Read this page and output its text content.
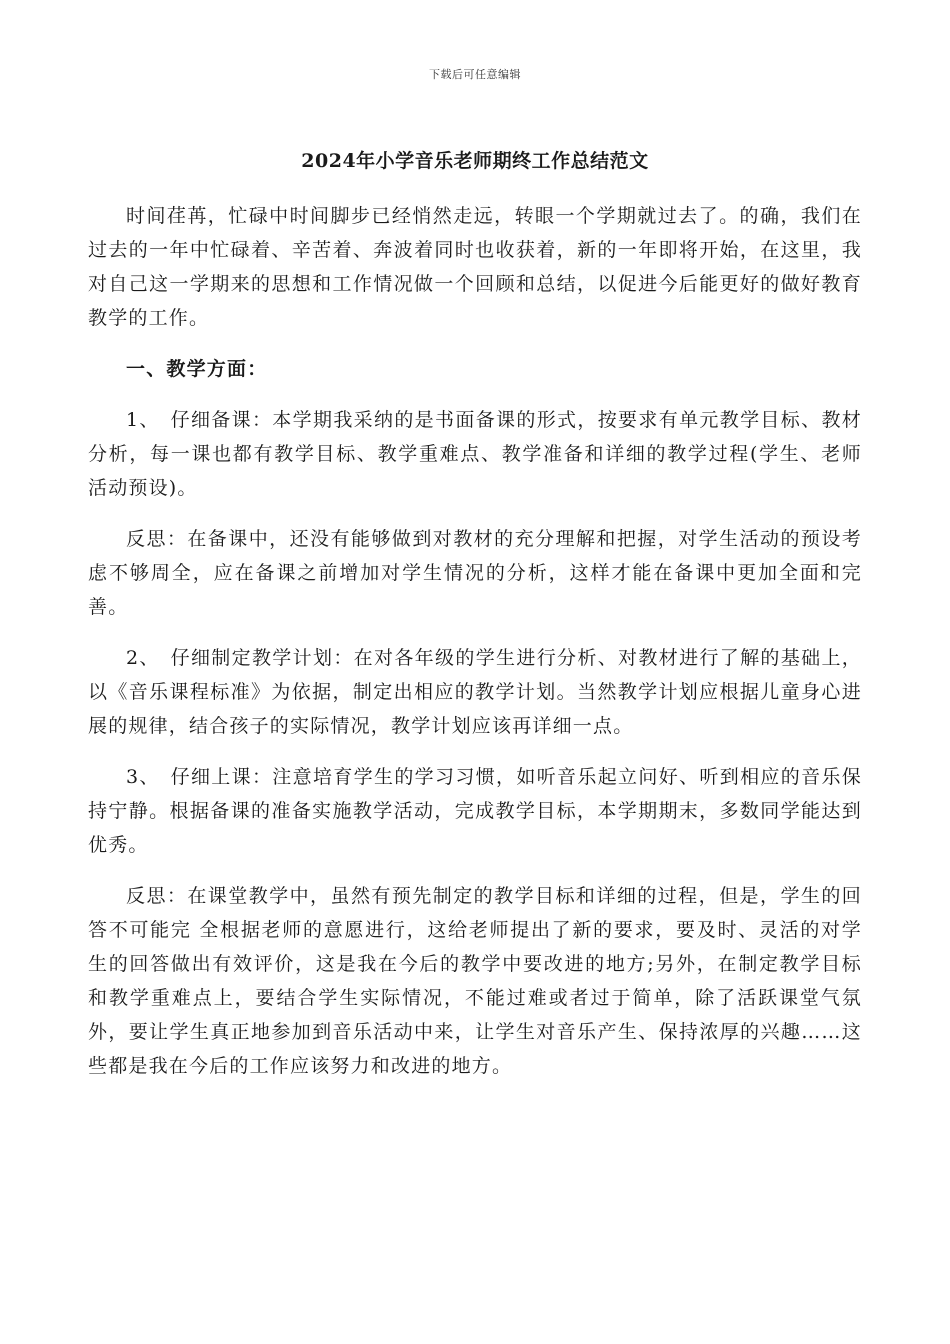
下载后可任意编辑
2024年小学音乐老师期终工作总结范文

时间荏苒，忙碌中时间脚步已经悄然走远，转眼一个学期就过去了。的确，我们在过去的一年中忙碌着、辛苦着、奔波着同时也收获着，新的一年即将开始，在这里，我对自己这一学期来的思想和工作情况做一个回顾和总结，以促进今后能更好的做好教育教学的工作。

一、教学方面：

1、　仔细备课：本学期我采纳的是书面备课的形式，按要求有单元教学目标、教材分析，每一课也都有教学目标、教学重难点、教学准备和详细的教学过程(学生、老师活动预设)。

反思：在备课中，还没有能够做到对教材的充分理解和把握，对学生活动的预设考虑不够周全，应在备课之前增加对学生情况的分析，这样才能在备课中更加全面和完善。

2、　仔细制定教学计划：在对各年级的学生进行分析、对教材进行了解的基础上，以《音乐课程标准》为依据，制定出相应的教学计划。当然教学计划应根据儿童身心进展的规律，结合孩子的实际情况，教学计划应该再详细一点。

3、　仔细上课：注意培育学生的学习习惯，如听音乐起立问好、听到相应的音乐保持宁静。根据备课的准备实施教学活动，完成教学目标，本学期期末，多数同学能达到优秀。

反思：在课堂教学中，虽然有预先制定的教学目标和详细的过程，但是，学生的回答不可能完 全根据老师的意愿进行，这给老师提出了新的要求，要及时、灵活的对学生的回答做出有效评价，这是我在今后的教学中要改进的地方;另外，在制定教学目标和教学重难点上，要结合学生实际情况，不能过难或者过于简单，除了活跃课堂气氛外，要让学生真正地参加到音乐活动中来，让学生对音乐产生、保持浓厚的兴趣……这些都是我在今后的工作应该努力和改进的地方。
